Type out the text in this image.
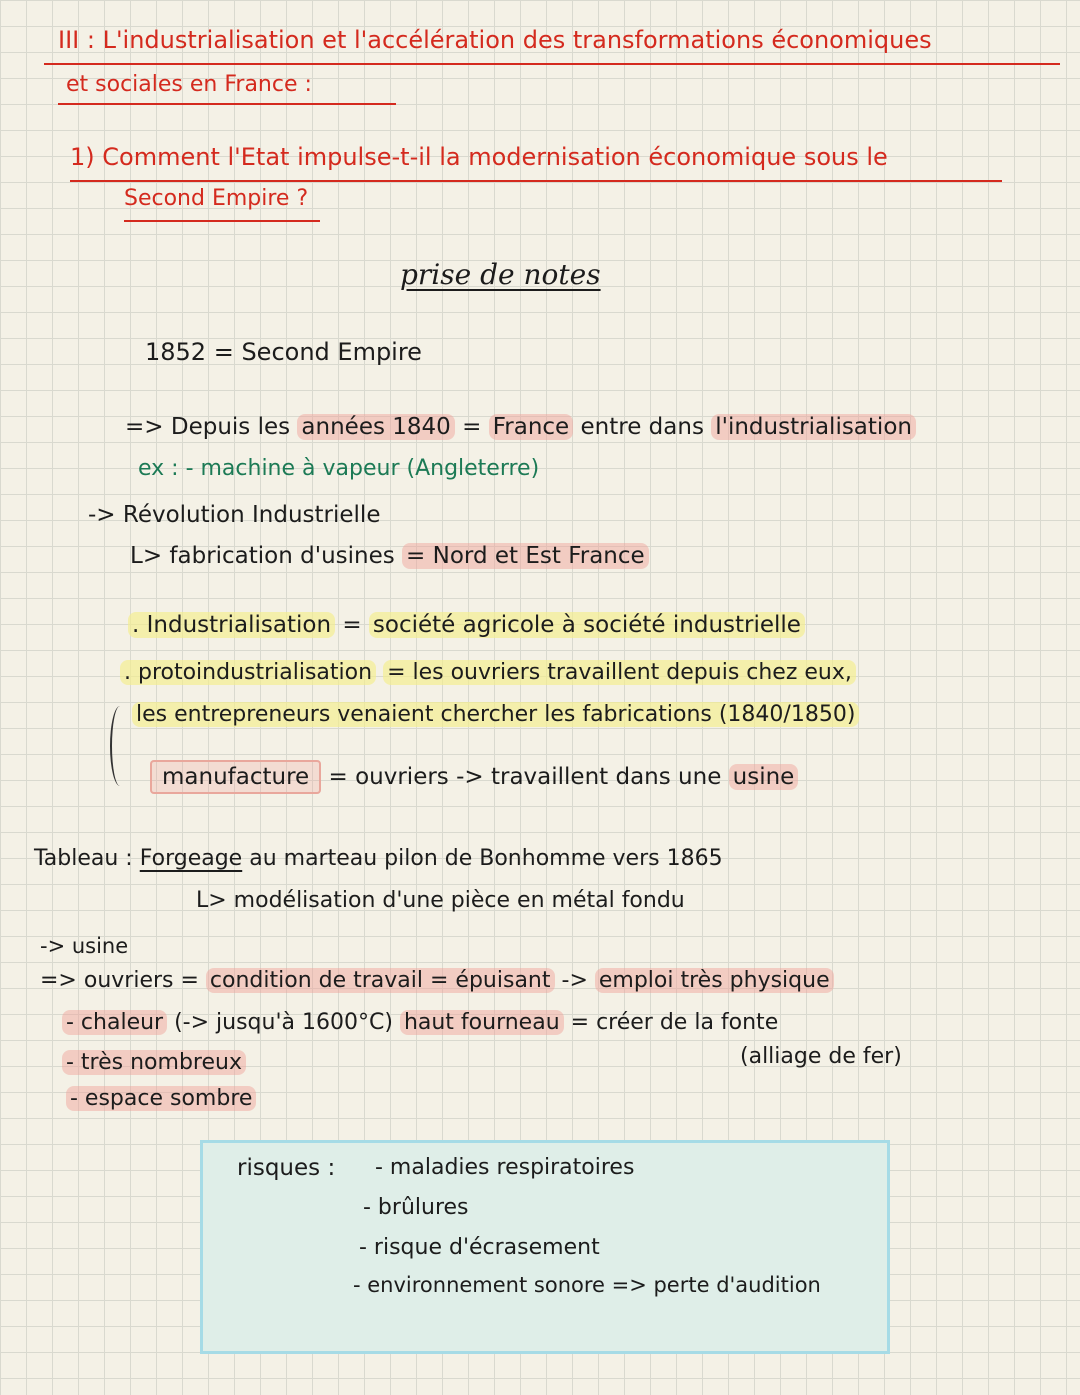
III : L'industrialisation et l'accélération des transformations économiques
et sociales en France :
1) Comment l'Etat impulse-t-il la modernisation économique sous le
Second Empire ?
prise de notes
1852 = Second Empire
=> Depuis les années 1840 = France entre dans l'industrialisation
ex : - machine à vapeur (Angleterre)
-> Révolution Industrielle
L> fabrication d'usines = Nord et Est France
. Industrialisation = société agricole à société industrielle
. protoindustrialisation = les ouvriers travaillent depuis chez eux,
les entrepreneurs venaient chercher les fabrications (1840/1850)
manufacture = ouvriers -> travaillent dans une usine
Tableau : Forgeage au marteau pilon de Bonhomme vers 1865
L> modélisation d'une pièce en métal fondu
-> usine
=> ouvriers = condition de travail = épuisant -> emploi très physique
- chaleur (-> jusqu'à 1600°C) haut fourneau = créer de la fonte
(alliage de fer)
- très nombreux
- espace sombre
risques : - maladies respiratoires
- brûlures
- risque d'écrasement
- environnement sonore => perte d'audition
